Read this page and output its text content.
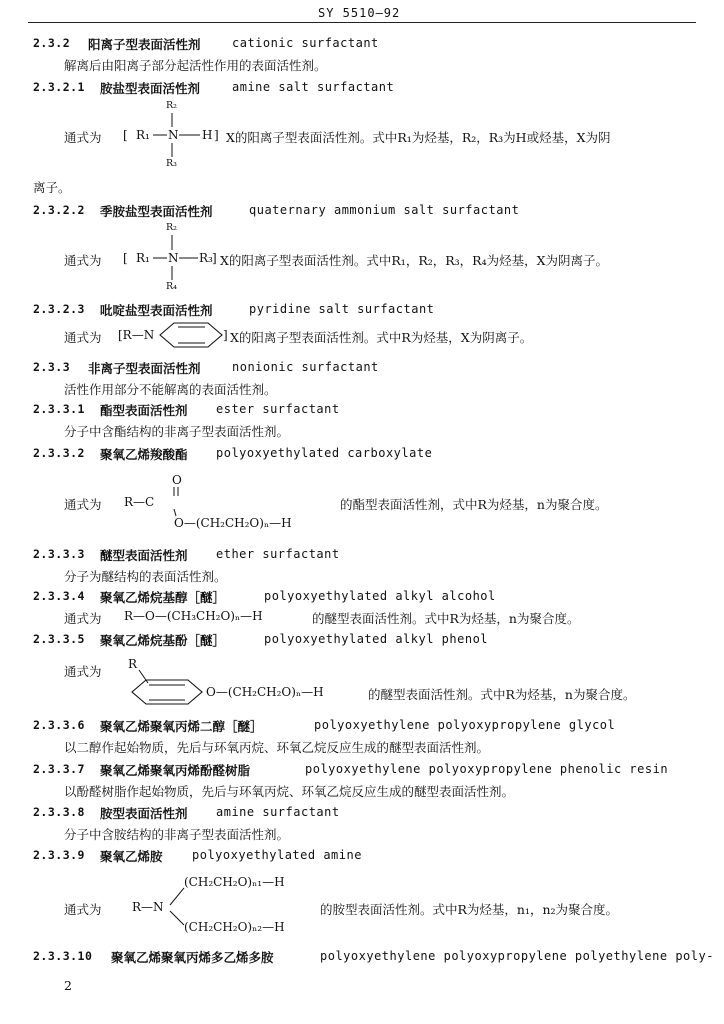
SY 5510—92
2.3.2 阳离子型表面活性剂	cationic surfactant
解离后由阳离子部分起活性作用的表面活性剂。
2.3.2.1 胺盐型表面活性剂	amine salt surfactant
通式为 [ R₁ N H ]
R₂
R₃
X的阳离子型表面活性剂。式中R₁为烃基，R₂，R₃为H或烃基，X为阴
离子。
2.3.2.2 季胺盐型表面活性剂	quaternary ammonium salt surfactant
通式为 [ R₁ N R₃ ]
R₂
R₄
X的阳离子型表面活性剂。式中R₁，R₂，R₃，R₄为烃基，X为阴离子。
2.3.2.3 吡啶盐型表面活性剂	pyridine salt surfactant
通式为 [R—N	] X的阳离子型表面活性剂。式中R为烃基，X为阴离子。
2.3.3 非离子型表面活性剂	nonionic surfactant
活性作用部分不能解离的表面活性剂。
2.3.3.1 酯型表面活性剂 ester surfactant
分子中含酯结构的非离子型表面活性剂。
2.3.3.2 聚氧乙烯羧酸酯 polyoxyethylated carboxylate
通式为 R—C
O
O—(CH₂CH₂O)ₙ—H
的酯型表面活性剂，式中R为烃基，n为聚合度。
2.3.3.3 醚型表面活性剂 ether surfactant
分子为醚结构的表面活性剂。
2.3.3.4 聚氧乙烯烷基醇［醚］	polyoxyethylated alkyl alcohol
通式为 R—O—(CH₃CH₂O)ₙ—H	的醚型表面活性剂。式中R为烃基，n为聚合度。
2.3.3.5 聚氧乙烯烷基酚［醚］	polyoxyethylated alkyl phenol
通式为 R
O—(CH₂CH₂O)ₙ—H	的醚型表面活性剂。式中R为烃基，n为聚合度。
2.3.3.6 聚氧乙烯聚氧丙烯二醇［醚］	polyoxyethylene polyoxypropylene glycol
以二醇作起始物质，先后与环氧丙烷、环氧乙烷反应生成的醚型表面活性剂。
2.3.3.7 聚氧乙烯聚氧丙烯酚醛树脂	polyoxyethylene polyoxypropylene phenolic resin
以酚醛树脂作起始物质，先后与环氧丙烷、环氧乙烷反应生成的醚型表面活性剂。
2.3.3.8 胺型表面活性剂 amine surfactant
分子中含胺结构的非离子型表面活性剂。
2.3.3.9 聚氧乙烯胺 polyoxyethylated amine
通式为	R—N
(CH₂CH₂O)ₙ₁—H
(CH₂CH₂O)ₙ₂—H
的胺型表面活性剂。式中R为烃基，n₁，n₂为聚合度。
2.3.3.10 聚氧乙烯聚氧丙烯多乙烯多胺	polyoxyethylene polyoxypropylene polyethylene poly-
2
